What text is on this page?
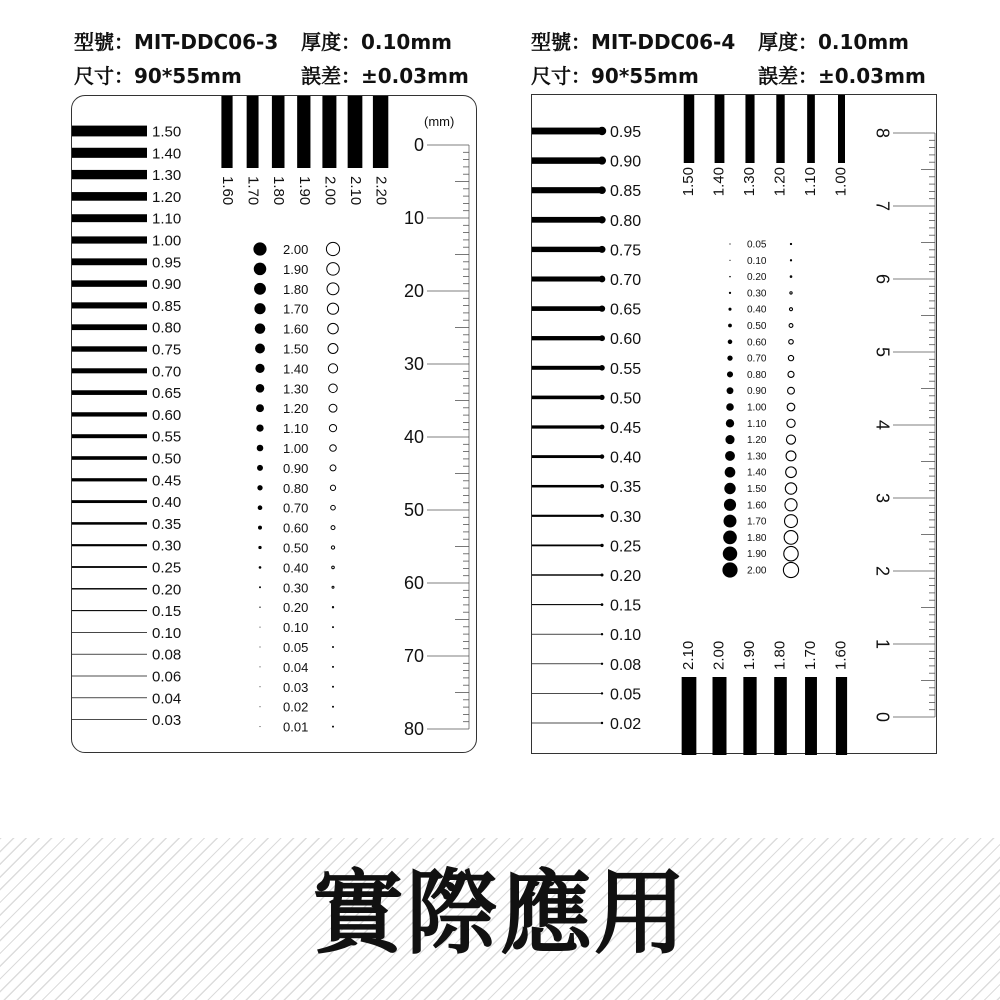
型號：MIT-DDC06-3 厚度：0.10mm
尺寸：90*55mm	誤差：±0.03mm
型號：MIT-DDC06-4 厚度：0.10mm
尺寸：90*55mm	誤差：±0.03mm
1.50
1.40
1.30
1.20
1.10
1.00
0.95
0.90
0.85
0.80
0.75
0.70
0.65
0.60
0.55
0.50
0.45
0.40
0.35
0.30
0.25
0.20
0.15
0.10
0.08
0.06
0.04
0.03
1.60 1.70 1.80 1.90 2.00 2.10 2.20
2.00
1.90
1.80
1.70
1.60
1.50
1.40
1.30
1.20
1.10
1.00
0.90
0.80
0.70
0.60
0.50
0.40
0.30
0.20
0.10
0.05
0.04
0.03
0.02
0.01
(mm)
0
10
20
30
40
50
60
70
80
0.95
0.90
0.85
0.80
0.75
0.70
0.65
0.60
0.55
0.50
0.45
0.40
0.35
0.30
0.25
0.20
0.15
0.10
0.08
0.05
0.02
1.50 1.40 1.30 1.20 1.10 1.00
2.10 2.00 1.90 1.80 1.70 1.60
0.05
0.10
0.20
0.30
0.40
0.50
0.60
0.70
0.80
0.90
1.00
1.10
1.20
1.30
1.40
1.50
1.60
1.70
1.80
1.90
2.00
8
7
6
5
4
3
2
1
0
實際應用
